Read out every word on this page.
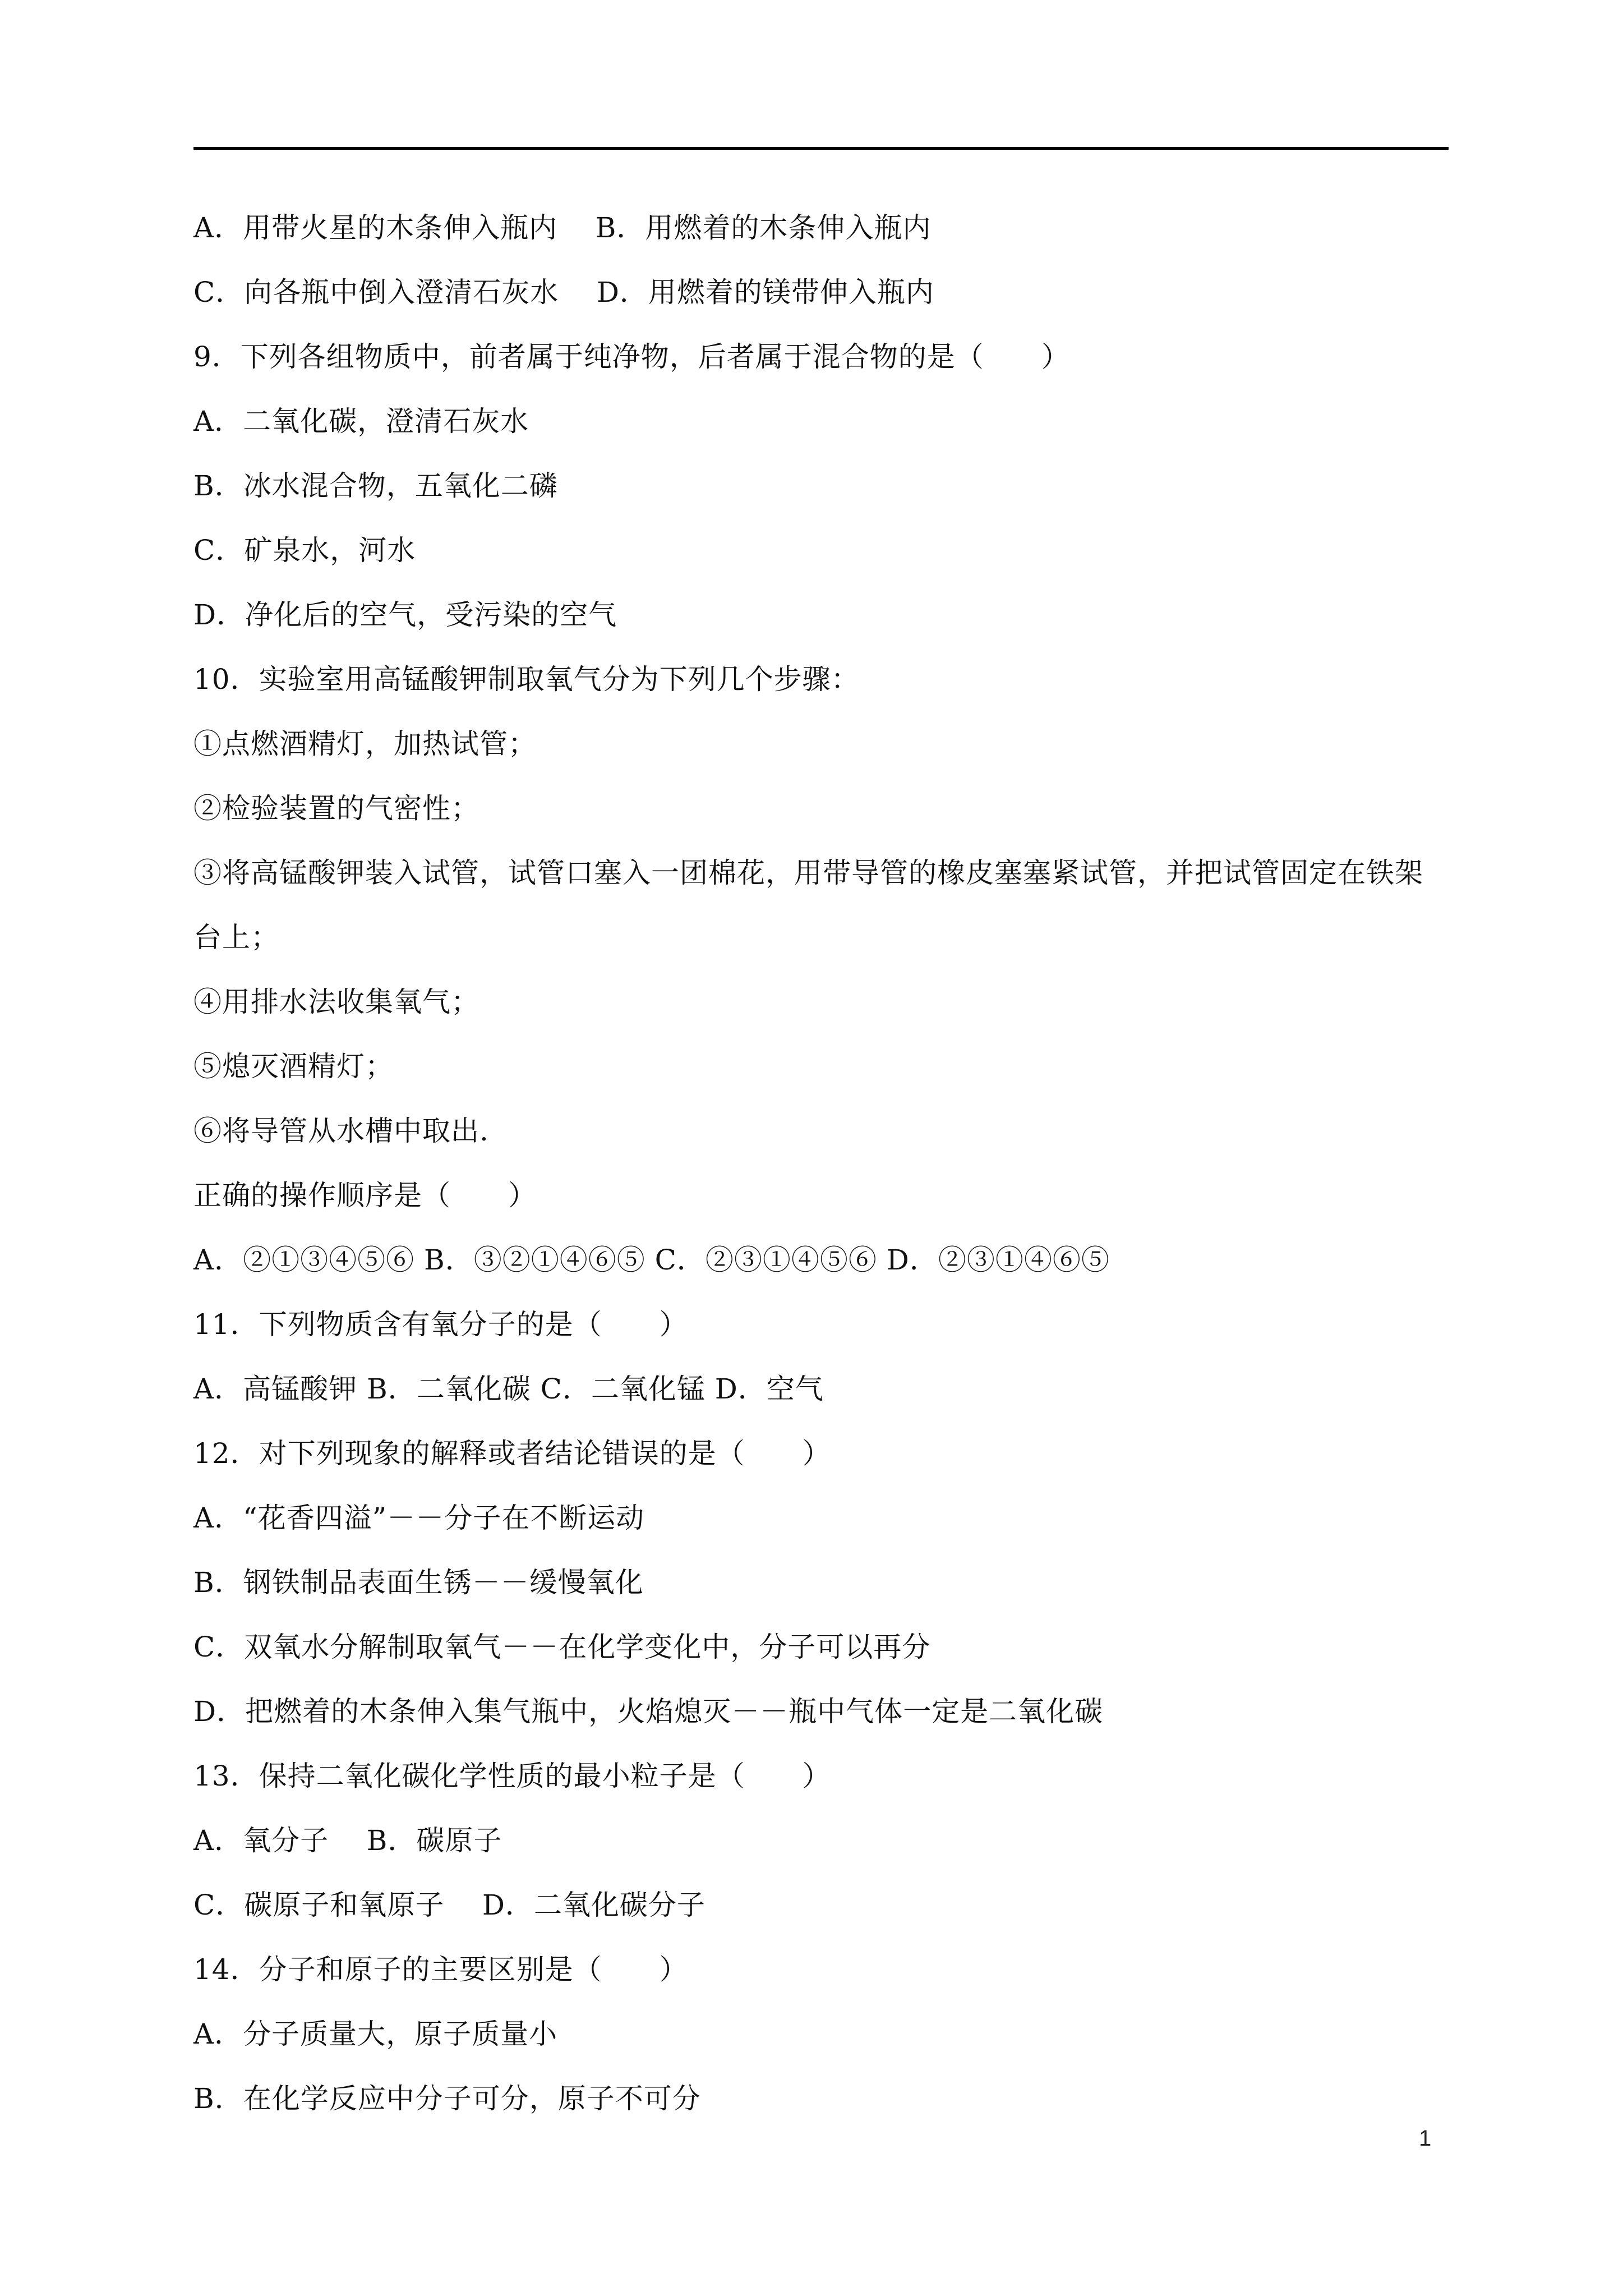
A．用带火星的木条伸入瓶内    B．用燃着的木条伸入瓶内
C．向各瓶中倒入澄清石灰水    D．用燃着的镁带伸入瓶内
9．下列各组物质中，前者属于纯净物，后者属于混合物的是（　　）
A．二氧化碳，澄清石灰水
B．冰水混合物，五氧化二磷
C．矿泉水，河水
D．净化后的空气，受污染的空气
10．实验室用高锰酸钾制取氧气分为下列几个步骤：
①点燃酒精灯，加热试管；
②检验装置的气密性；
③将高锰酸钾装入试管，试管口塞入一团棉花，用带导管的橡皮塞塞紧试管，并把试管固定在铁架
台上；
④用排水法收集氧气；
⑤熄灭酒精灯；
⑥将导管从水槽中取出.
正确的操作顺序是（　　）
A．②①③④⑤⑥ B．③②①④⑥⑤ C．②③①④⑤⑥ D．②③①④⑥⑤
11．下列物质含有氧分子的是（　　）
A．高锰酸钾 B．二氧化碳 C．二氧化锰 D．空气
12．对下列现象的解释或者结论错误的是（　　）
A．“花香四溢”－－分子在不断运动
B．钢铁制品表面生锈－－缓慢氧化
C．双氧水分解制取氧气－－在化学变化中，分子可以再分
D．把燃着的木条伸入集气瓶中，火焰熄灭－－瓶中气体一定是二氧化碳
13．保持二氧化碳化学性质的最小粒子是（　　）
A．氧分子    B．碳原子
C．碳原子和氧原子    D．二氧化碳分子
14．分子和原子的主要区别是（　　）
A．分子质量大，原子质量小
B．在化学反应中分子可分，原子不可分
1
